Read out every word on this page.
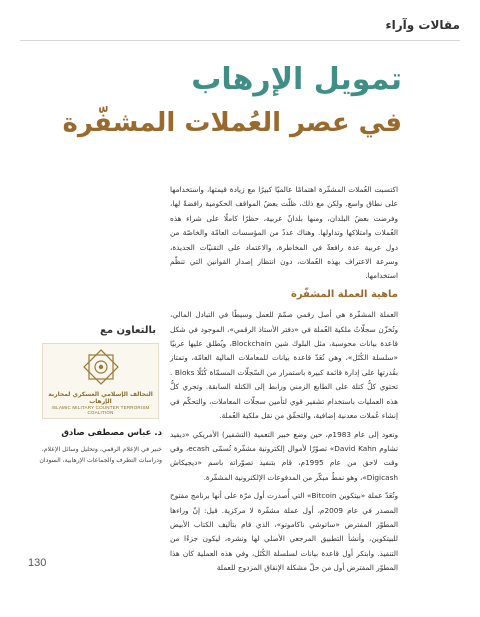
مقالات وآراء
تمويل الإرهاب
في عصر العُملات المشفّرة

اكتسبت العُملات المشفّرة اهتمامًا عالميًا كبيرًا مع زيادة قيمتها، واستخدامها على نطاق واسع. ولكن مع ذلك، ظلّت بعضُ المواقف الحكومية رافضةً لها، وفرضت بعضُ البلدان، ومنها بلدانٌ عربية، حظرًا كاملًا على شراء هذه العُملات وامتلاكها وتداولها. وهناك عددٌ من المؤسسات العامّة والخاصّة من دول عربية عدة رافعةٌ في المخاطرة، والاعتماد على التقنيّات الجديدة، وسرعة الاعتراف بهذه العُملات، دون انتظار إصدار القوانين التي تنظّم استخدامها.

ماهية العملة المشفّرة

العملة المشفّرة هي أصل رقمي صمّمَ للعمل وسيطًا في التبادل المالي، وتُخزّن سجلّاتُ ملكية العُملة في «دفتر الأستاذ الرقمي»، الموجود في شكل قاعدة بيانات محوسبة، مثل البلوك شين Blockchain، ويُطلق عليها عربيًا «سلسلة الكُتَل»، وهي تُعَدّ قاعدة بيانات للمعاملات المالية العامّة، وتمتاز بقُدرتها على إدارة قائمة كبيرة باستمرار من السّجلّات المسمّاة كُتَلًا Bloks . تحتوي كلُّ كتلة على الطابع الزمني ورابط إلى الكتلة السابقة. وتجري كلُّ هذه العمليات باستخدام تشفير قوي لتأمين سجلّات المعاملات، والتحكّم في إنشاء عُملات معدنية إضافية، والتحقّق من نقل ملكية العُملة.

وتعود إلى عام 1983م، حين وضع خبير التعمية (التشفير) الأمريكي «ديفيد تشاوم David Kahn» تصوّرًا لأموال إلكترونية مشفّرة تُسمّى ecash، وفي وقت لاحق من عام 1995م، قام بتنفيذ تصوّراته باسم «ديجيكاش Digicash»، وهو نمطٌ مبكّر من المدفوعات الإلكترونية المشفّرة.

وتُعَدّ عملة «بيتكوين Bitcoin» التي أُصدرت أول مرّة على أنها برنامج مفتوح المصدر في عام 2009م، أول عملة مشفّرة لا مركزية. قيل: إنّ وراءها المطوّر المفترض «ساتوشي ناكاموتو»، الذي قام بتأليف الكتاب الأبيض للبيتكوين، وأنشأ التطبيق المرجعي الأصلي لها ونشره، ليكون جزءًا من التنفيذ. وابتكر أول قاعدة بيانات لسلسلة الكُتَل، وفي هذه العملية كان هذا المطوّر المفترض أول من حلّ مشكلة الإنفاق المزدوج للعملة

بالتعاون مع
التحالف الإسلامي العسكري لمحاربة الإرهاب
ISLAMIC MILITARY COUNTER TERRORISM COALITION
د. عباس مصطفى صادق
خبير في الإعلام الرقمي، وتحليل وسائل الإعلام، ودراسات التطرف والجماعات الإرهابية، السودان
130
